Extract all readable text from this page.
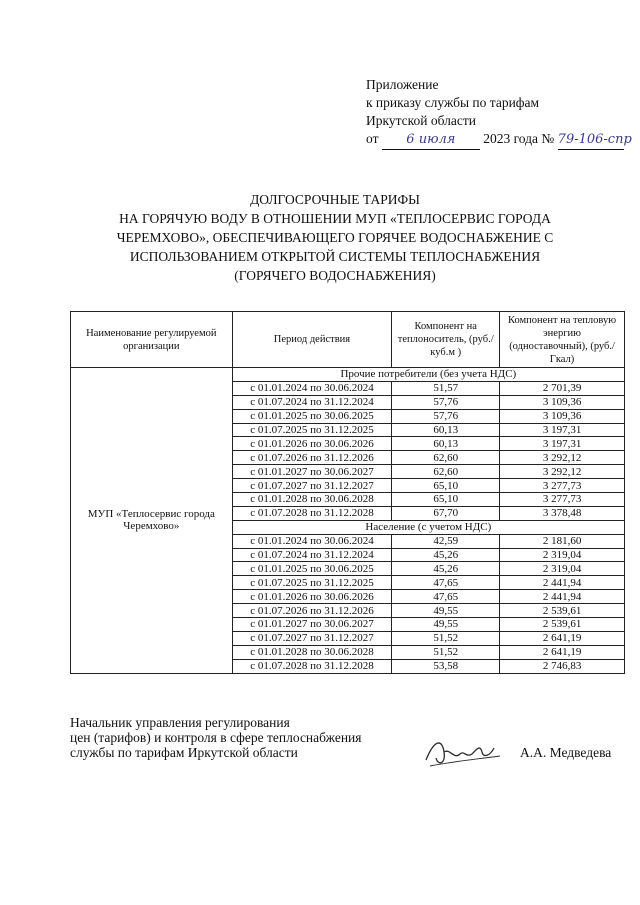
Приложение
к приказу службы по тарифам
Иркутской области
от 6 июля 2023 года № 79-106-спр
ДОЛГОСРОЧНЫЕ ТАРИФЫ
НА ГОРЯЧУЮ ВОДУ В ОТНОШЕНИИ МУП «ТЕПЛОСЕРВИС ГОРОДА
ЧЕРЕМХОВО», ОБЕСПЕЧИВАЮЩЕГО ГОРЯЧЕЕ ВОДОСНАБЖЕНИЕ С
ИСПОЛЬЗОВАНИЕМ ОТКРЫТОЙ СИСТЕМЫ ТЕПЛОСНАБЖЕНИЯ
(ГОРЯЧЕГО ВОДОСНАБЖЕНИЯ)
Наименование регулируемой организации	Период действия	Компонент на теплоноситель, (руб./куб.м )	Компонент на тепловую энергию (одноставочный), (руб./Гкал)
МУП «Теплосервис города Черемхово»	Прочие потребители (без учета НДС)		
	с 01.01.2024 по 30.06.2024	51,57	2 701,39
	с 01.07.2024 по 31.12.2024	57,76	3 109,36
	с 01.01.2025 по 30.06.2025	57,76	3 109,36
	с 01.07.2025 по 31.12.2025	60,13	3 197,31
	с 01.01.2026 по 30.06.2026	60,13	3 197,31
	с 01.07.2026 по 31.12.2026	62,60	3 292,12
	с 01.01.2027 по 30.06.2027	62,60	3 292,12
	с 01.07.2027 по 31.12.2027	65,10	3 277,73
	с 01.01.2028 по 30.06.2028	65,10	3 277,73
	с 01.07.2028 по 31.12.2028	67,70	3 378,48
	Население (с учетом НДС)		
	с 01.01.2024 по 30.06.2024	42,59	2 181,60
	с 01.07.2024 по 31.12.2024	45,26	2 319,04
	с 01.01.2025 по 30.06.2025	45,26	2 319,04
	с 01.07.2025 по 31.12.2025	47,65	2 441,94
	с 01.01.2026 по 30.06.2026	47,65	2 441,94
	с 01.07.2026 по 31.12.2026	49,55	2 539,61
	с 01.01.2027 по 30.06.2027	49,55	2 539,61
	с 01.07.2027 по 31.12.2027	51,52	2 641,19
	с 01.01.2028 по 30.06.2028	51,52	2 641,19
	с 01.07.2028 по 31.12.2028	53,58	2 746,83
Начальник управления регулирования
цен (тарифов) и контроля в сфере теплоснабжения
службы по тарифам Иркутской области	А.А. Медведева
